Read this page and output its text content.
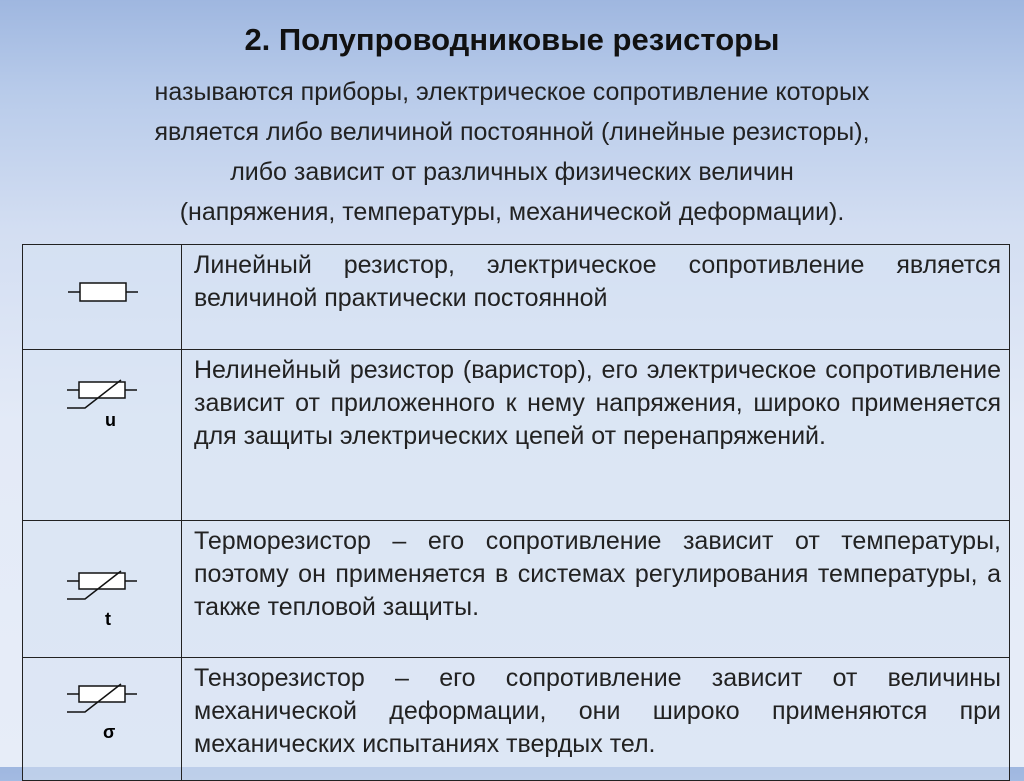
2. Полупроводниковые резисторы
называются приборы, электрическое сопротивление которых
является либо величиной постоянной (линейные резисторы),
либо зависит от различных физических величин
(напряжения, температуры, механической деформации).
	Линейный резистор, электрическое сопротивление является величиной практически постоянной

u	Нелинейный резистор (варистор), его электрическое сопротивление зависит от приложенного к нему напряжения, широко применяется для защиты электрических цепей от перенапряжений.

t	Терморезистор – его сопротивление зависит от температуры, поэтому он применяется в системах регулирования температуры, а также тепловой защиты.

σ	Тензорезистор – его сопротивление зависит от величины механической деформации, они широко применяются при механических испытаниях твердых тел.
